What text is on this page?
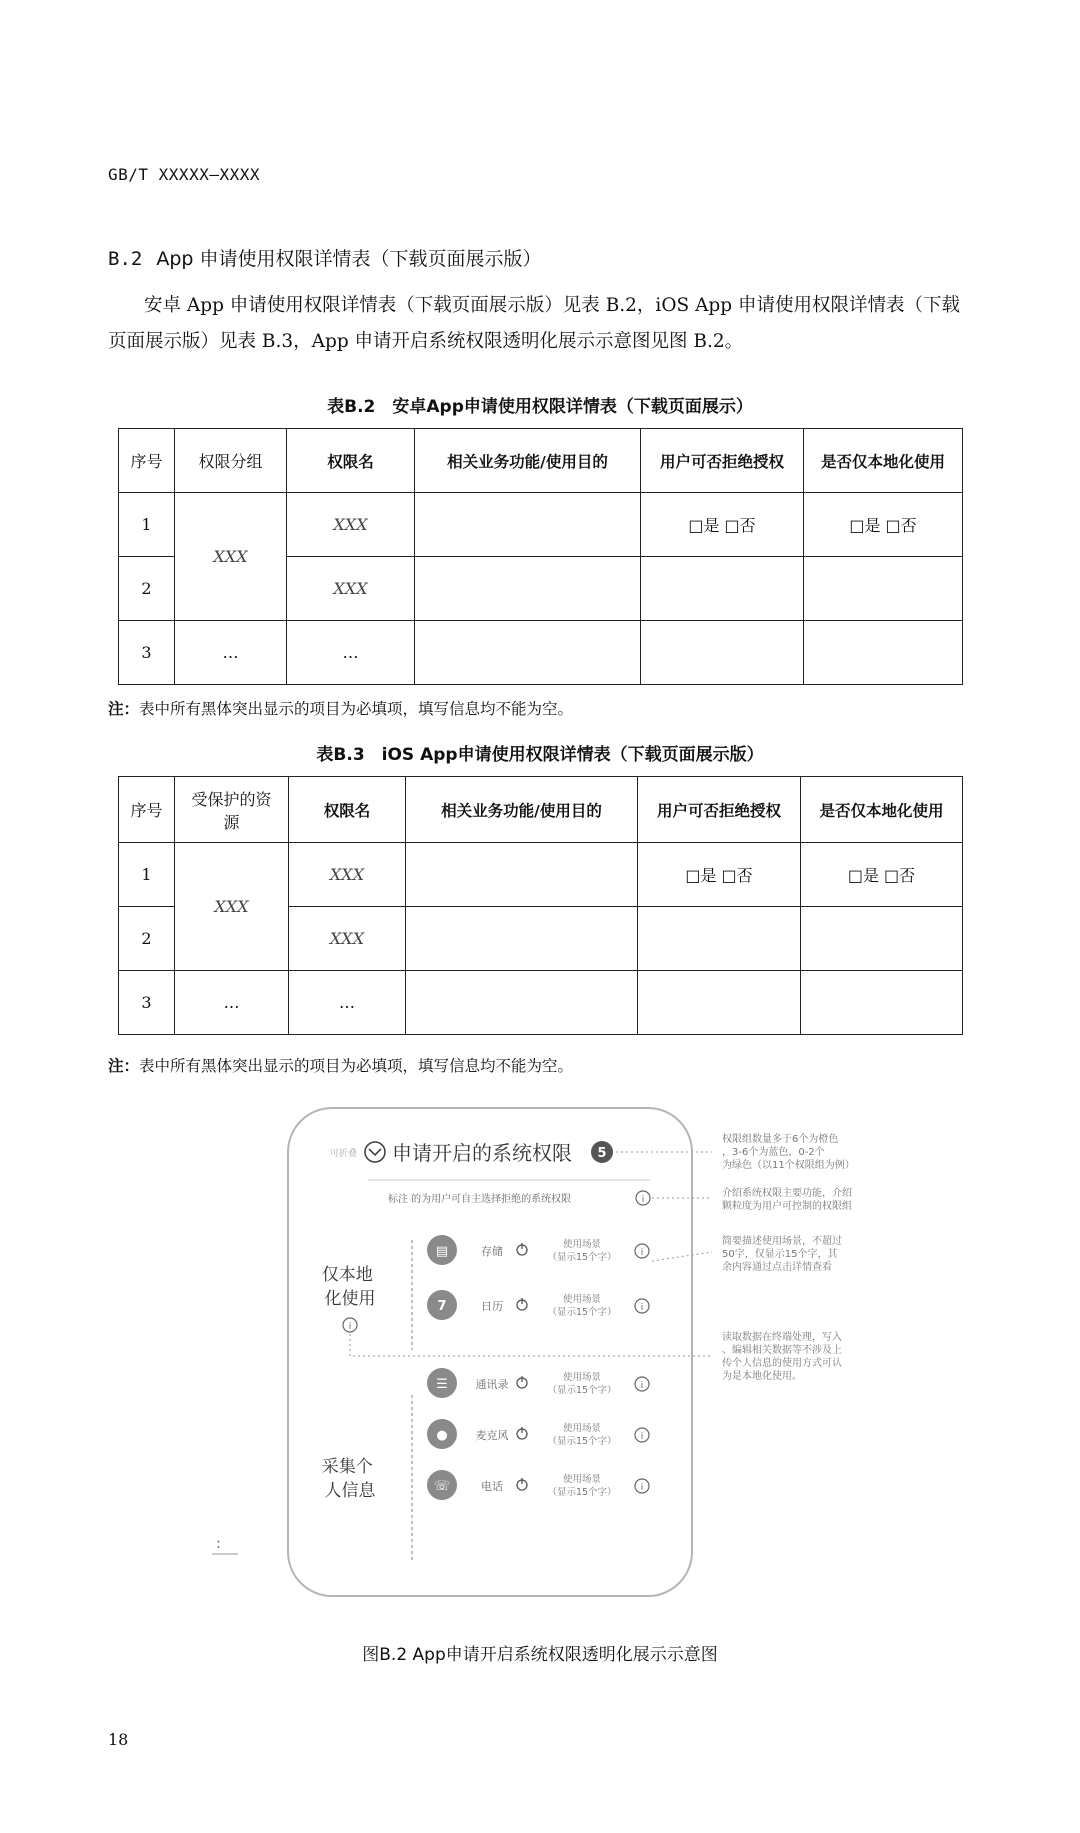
GB/T XXXXX—XXXX
B.2 App 申请使用权限详情表（下载页面展示版）
安卓 App 申请使用权限详情表（下载页面展示版）见表 B.2，iOS App 申请使用权限详情表（下载页面展示版）见表 B.3，App 申请开启系统权限透明化展示示意图见图 B.2。
表B.2　安卓App申请使用权限详情表（下载页面展示）
序号	权限分组	权限名	相关业务功能/使用目的	用户可否拒绝授权	是否仅本地化使用
1	XXX	XXX		□是 □否	□是 □否
2		XXX			
3	…	…			
注：表中所有黑体突出显示的项目为必填项，填写信息均不能为空。
表B.3　iOS App申请使用权限详情表（下载页面展示版）
序号	受保护的资源	权限名	相关业务功能/使用目的	用户可否拒绝授权	是否仅本地化使用
1	XXX	XXX		□是 □否	□是 □否
2		XXX			
3	…	…			
注：表中所有黑体突出显示的项目为必填项，填写信息均不能为空。
可折叠 申请开启的系统权限 5
标注 的为用户可自主选择拒绝的系统权限	i
仅本地 化使用
i
采集个 人信息
▤	存储
使用场景
（显示15个字）	i
7	日历
使用场景
（显示15个字）	i
☰	通讯录
使用场景
（显示15个字）	i
●	麦克风
使用场景
（显示15个字）	i
☏	电话
使用场景
（显示15个字）	i
权限组数量多于6个为橙色，3-6个为蓝色，0-2个为绿色（以11个权限组为例）
介绍系统权限主要功能，介绍颗粒度为用户可控制的权限组
简要描述使用场景，不超过 50字，仅显示15个字，其余内容通过点击详情查看
读取数据在终端处理，写入、编辑相关数据等不涉及上传个人信息的使用方式可认为是本地化使用。
:
图B.2 App申请开启系统权限透明化展示示意图
18
